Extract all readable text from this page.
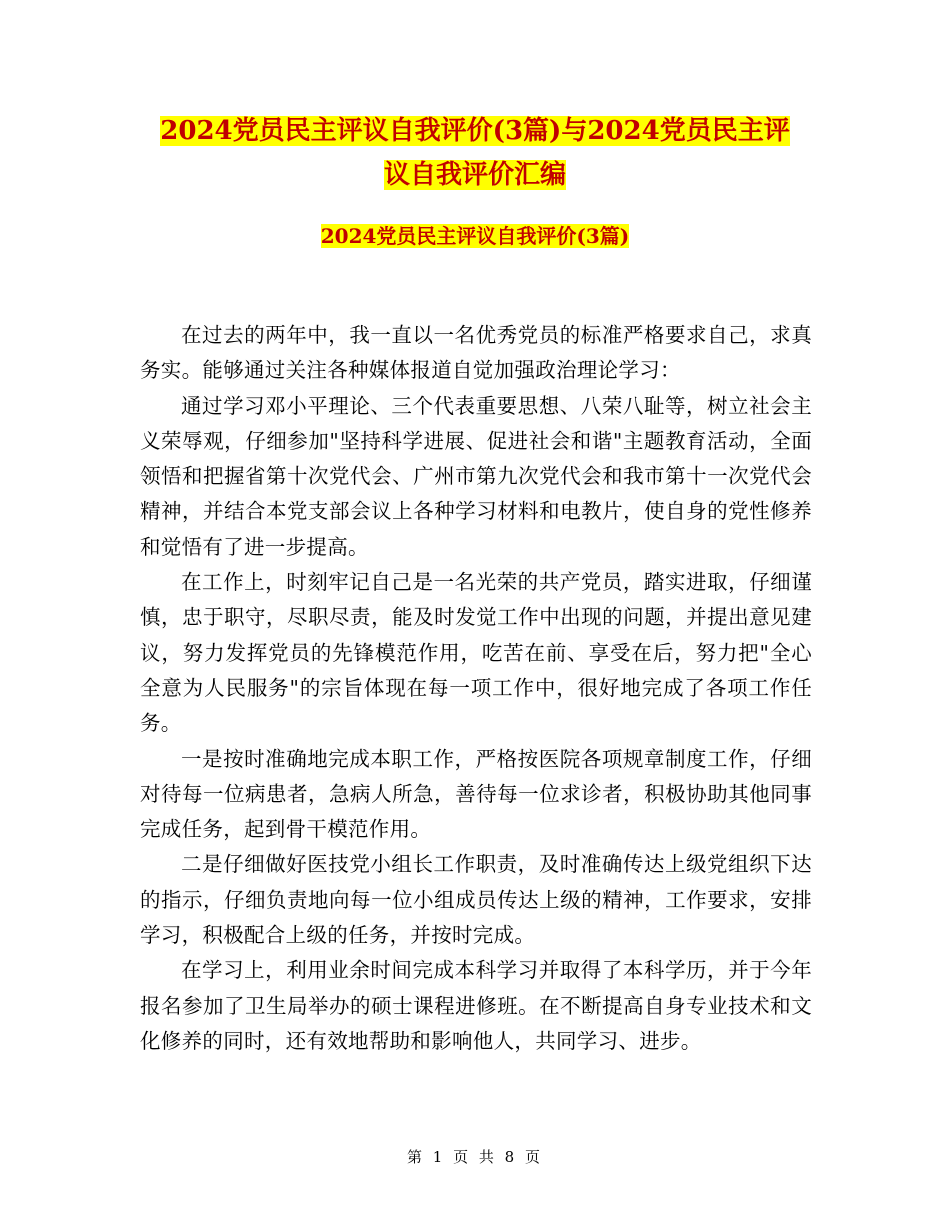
2024党员民主评议自我评价(3篇)与2024党员民主评
议自我评价汇编
2024党员民主评议自我评价(3篇)

在过去的两年中，我一直以一名优秀党员的标准严格要求自己，求真务实。能够通过关注各种媒体报道自觉加强政治理论学习：

通过学习邓小平理论、三个代表重要思想、八荣八耻等，树立社会主义荣辱观，仔细参加"坚持科学进展、促进社会和谐"主题教育活动，全面领悟和把握省第十次党代会、广州市第九次党代会和我市第十一次党代会精神，并结合本党支部会议上各种学习材料和电教片，使自身的党性修养和觉悟有了进一步提高。

在工作上，时刻牢记自己是一名光荣的共产党员，踏实进取，仔细谨慎，忠于职守，尽职尽责，能及时发觉工作中出现的问题，并提出意见建议，努力发挥党员的先锋模范作用，吃苦在前、享受在后，努力把"全心全意为人民服务"的宗旨体现在每一项工作中，很好地完成了各项工作任务。

一是按时准确地完成本职工作，严格按医院各项规章制度工作，仔细对待每一位病患者，急病人所急，善待每一位求诊者，积极协助其他同事完成任务，起到骨干模范作用。

二是仔细做好医技党小组长工作职责，及时准确传达上级党组织下达的指示，仔细负责地向每一位小组成员传达上级的精神，工作要求，安排学习，积极配合上级的任务，并按时完成。

在学习上，利用业余时间完成本科学习并取得了本科学历，并于今年报名参加了卫生局举办的硕士课程进修班。在不断提高自身专业技术和文化修养的同时，还有效地帮助和影响他人，共同学习、进步。

第 1 页 共 8 页
